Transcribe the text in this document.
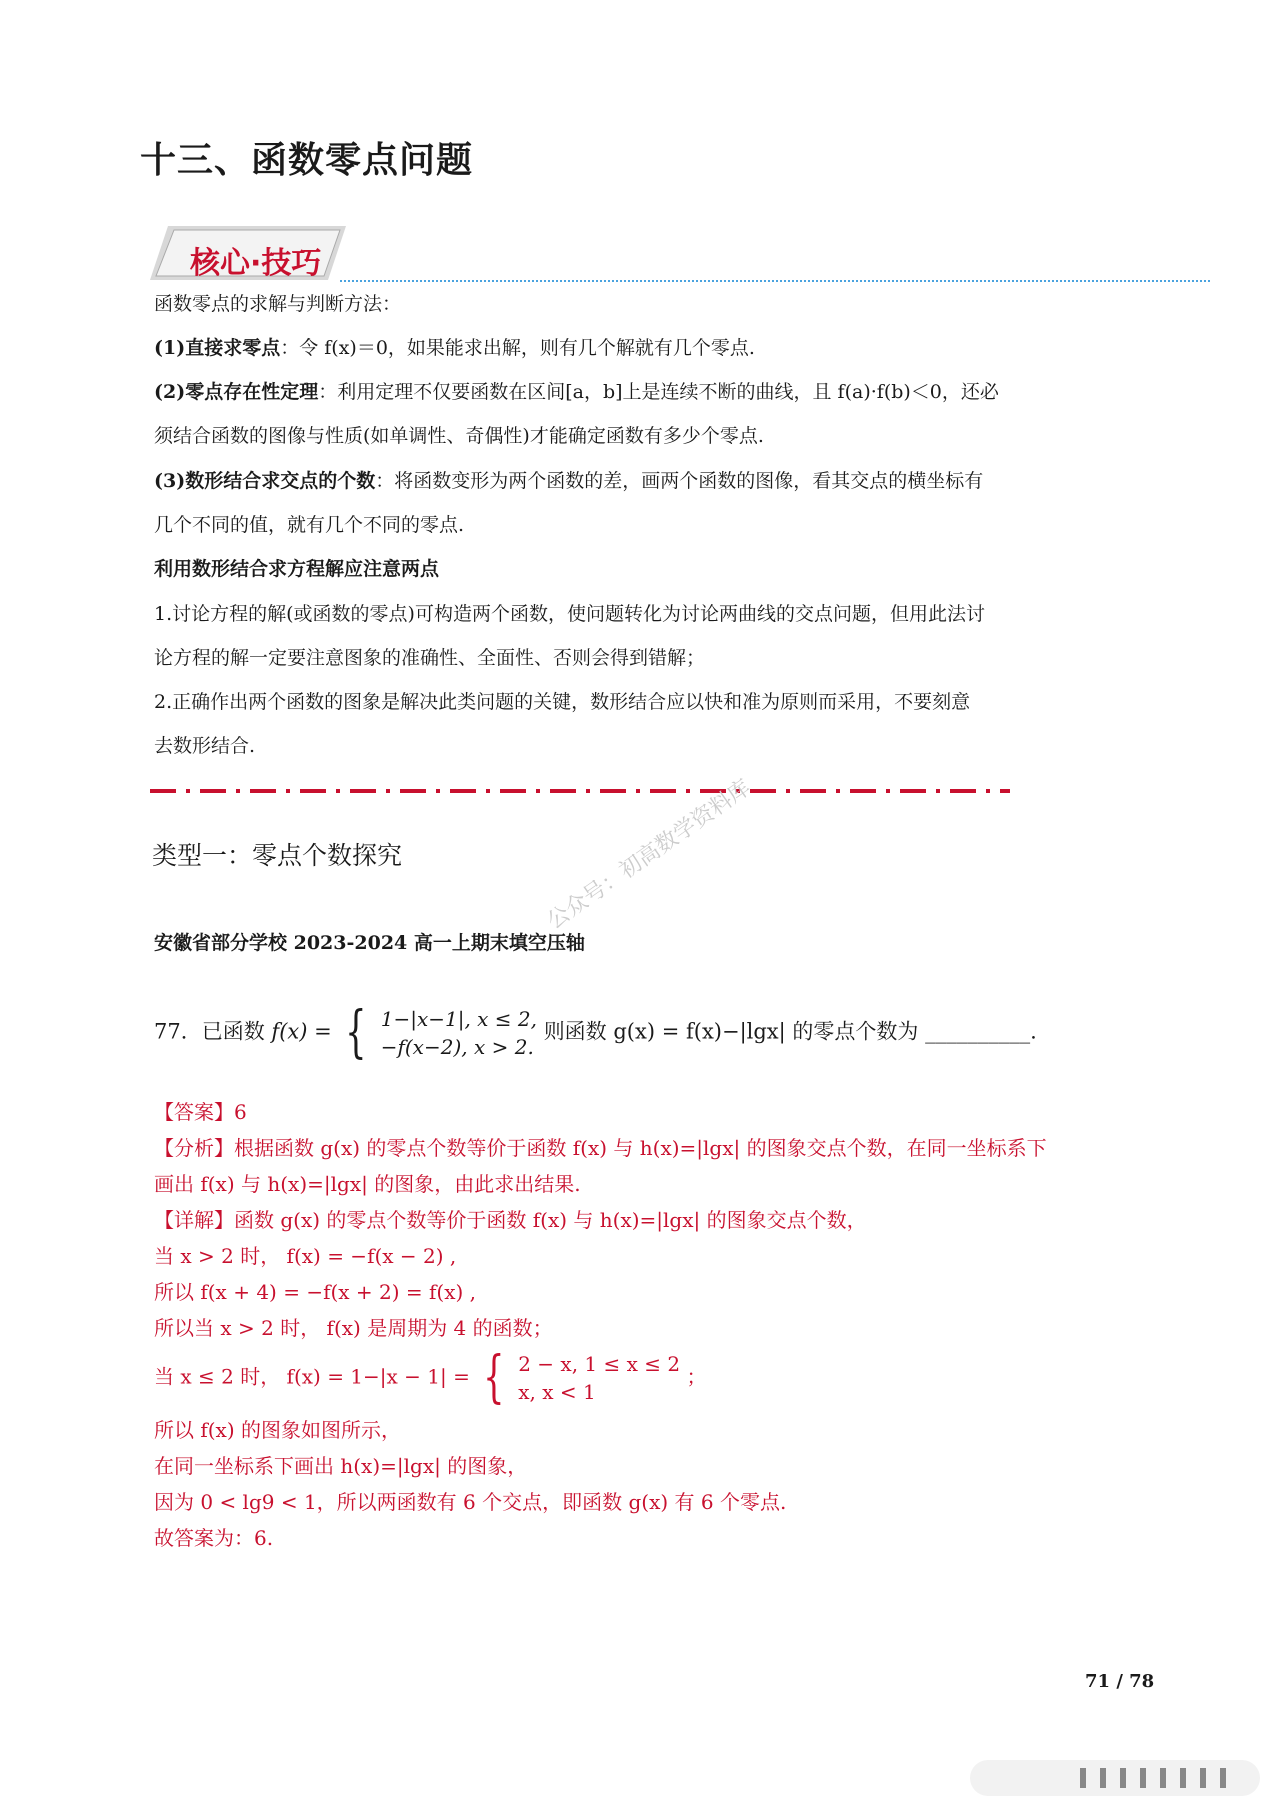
十三、函数零点问题
核心·技巧
函数零点的求解与判断方法：
(1)直接求零点：令 f(x)＝0，如果能求出解，则有几个解就有几个零点.
(2)零点存在性定理：利用定理不仅要函数在区间[a，b]上是连续不断的曲线，且 f(a)·f(b)＜0，还必
须结合函数的图像与性质(如单调性、奇偶性)才能确定函数有多少个零点.
(3)数形结合求交点的个数：将函数变形为两个函数的差，画两个函数的图像，看其交点的横坐标有
几个不同的值，就有几个不同的零点.
利用数形结合求方程解应注意两点
1.讨论方程的解(或函数的零点)可构造两个函数，使问题转化为讨论两曲线的交点问题，但用此法讨
论方程的解一定要注意图象的准确性、全面性、否则会得到错解；
2.正确作出两个函数的图象是解决此类问题的关键，数形结合应以快和准为原则而采用，不要刻意
去数形结合.
类型一：零点个数探究
安徽省部分学校 2023-2024 高一上期末填空压轴
公众号：初高数学资料库
77．已函数 f(x) = { 1−|x−1|, x ≤ 2,
−f(x−2), x > 2. 则函数 g(x) = f(x)−|lgx| 的零点个数为 __________.
【答案】6
【分析】根据函数 g(x) 的零点个数等价于函数 f(x) 与 h(x)=|lgx| 的图象交点个数，在同一坐标系下
画出 f(x) 与 h(x)=|lgx| 的图象，由此求出结果.
【详解】函数 g(x) 的零点个数等价于函数 f(x) 与 h(x)=|lgx| 的图象交点个数，
当 x > 2 时， f(x) = −f(x − 2) ,
所以 f(x + 4) = −f(x + 2) = f(x) ,
所以当 x > 2 时， f(x) 是周期为 4 的函数；
当 x ≤ 2 时， f(x) = 1−|x − 1| = { 2 − x, 1 ≤ x ≤ 2
x, x < 1 ；
所以 f(x) 的图象如图所示，
在同一坐标系下画出 h(x)=|lgx| 的图象，
因为 0 < lg9 < 1，所以两函数有 6 个交点，即函数 g(x) 有 6 个零点.
故答案为：6.
71 / 78
